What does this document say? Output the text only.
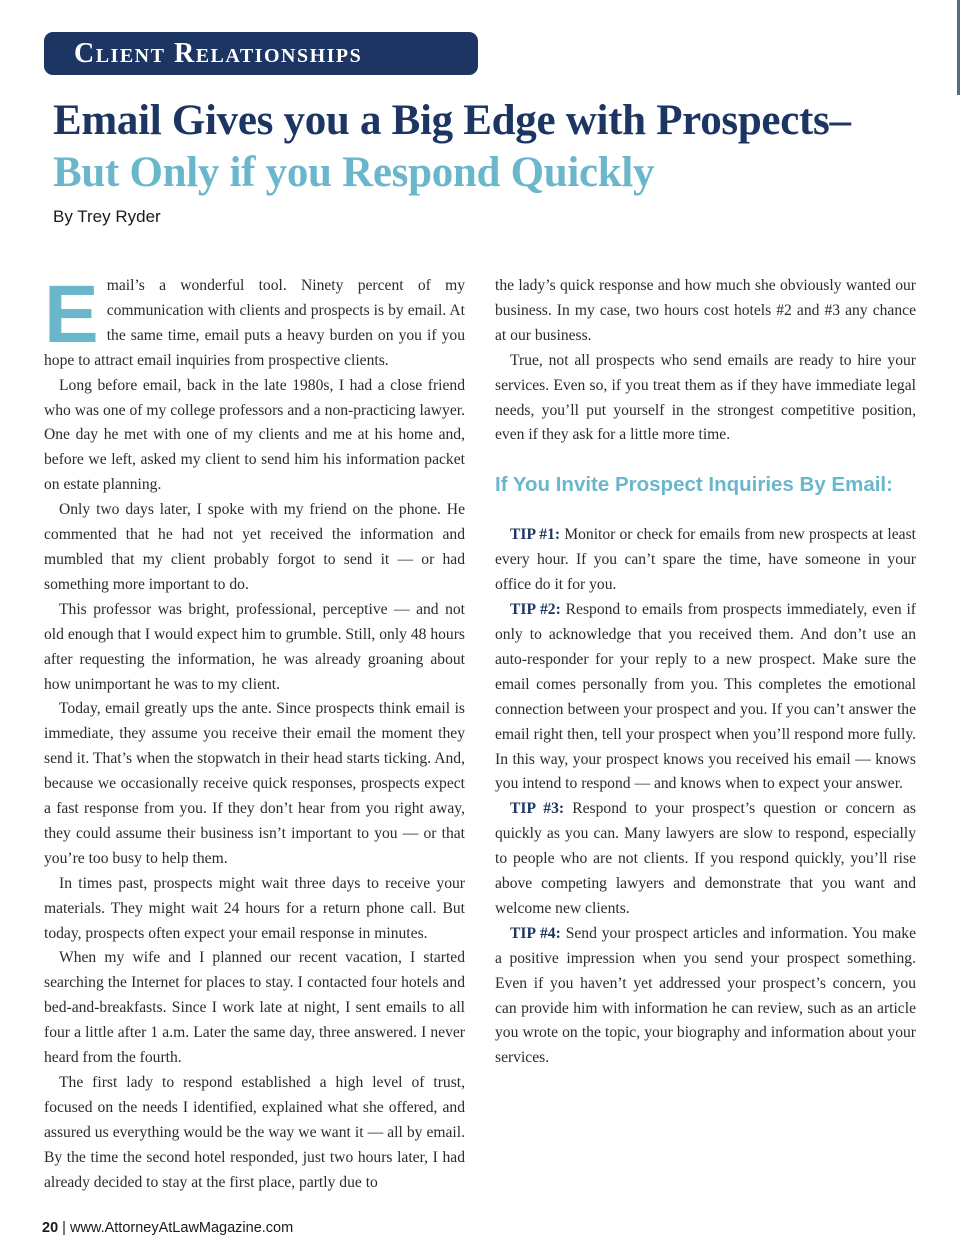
Client Relationships
Email Gives you a Big Edge with Prospects–
But Only if you Respond Quickly
By Trey Ryder

Email’s a wonderful tool. Ninety percent of my communication with clients and prospects is by email. At the same time, email puts a heavy burden on you if you hope to attract email inquiries from prospective clients.

Long before email, back in the late 1980s, I had a close friend who was one of my college professors and a non-practicing lawyer. One day he met with one of my clients and me at his home and, before we left, asked my client to send him his information packet on estate planning.

Only two days later, I spoke with my friend on the phone. He commented that he had not yet received the information and mumbled that my client probably forgot to send it — or had something more important to do.

This professor was bright, professional, perceptive — and not old enough that I would expect him to grumble. Still, only 48 hours after requesting the information, he was already groaning about how unimportant he was to my client.

Today, email greatly ups the ante. Since prospects think email is immediate, they assume you receive their email the moment they send it. That’s when the stopwatch in their head starts ticking. And, because we occasionally receive quick responses, prospects expect a fast response from you. If they don’t hear from you right away, they could assume their business isn’t important to you — or that you’re too busy to help them.

In times past, prospects might wait three days to receive your materials. They might wait 24 hours for a return phone call. But today, prospects often expect your email response in minutes.

When my wife and I planned our recent vacation, I started searching the Internet for places to stay. I contacted four hotels and bed-and-breakfasts. Since I work late at night, I sent emails to all four a little after 1 a.m. Later the same day, three answered. I never heard from the fourth.

The first lady to respond established a high level of trust, focused on the needs I identified, explained what she offered, and assured us everything would be the way we want it — all by email. By the time the second hotel responded, just two hours later, I had already decided to stay at the first place, partly due to

the lady’s quick response and how much she obviously wanted our business. In my case, two hours cost hotels #2 and #3 any chance at our business.

True, not all prospects who send emails are ready to hire your services. Even so, if you treat them as if they have immediate legal needs, you’ll put yourself in the strongest competitive position, even if they ask for a little more time.

If You Invite Prospect Inquiries By Email:

TIP #1: Monitor or check for emails from new prospects at least every hour. If you can’t spare the time, have someone in your office do it for you.

TIP #2: Respond to emails from prospects immediately, even if only to acknowledge that you received them. And don’t use an auto-responder for your reply to a new prospect. Make sure the email comes personally from you. This completes the emotional connection between your prospect and you. If you can’t answer the email right then, tell your prospect when you’ll respond more fully. In this way, your prospect knows you received his email — knows you intend to respond — and knows when to expect your answer.

TIP #3: Respond to your prospect’s question or concern as quickly as you can. Many lawyers are slow to respond, especially to people who are not clients. If you respond quickly, you’ll rise above competing lawyers and demonstrate that you want and welcome new clients.

TIP #4: Send your prospect articles and information. You make a positive impression when you send your prospect something. Even if you haven’t yet addressed your prospect’s concern, you can provide him with information he can review, such as an article you wrote on the topic, your biography and information about your services.

20 | www.AttorneyAtLawMagazine.com
